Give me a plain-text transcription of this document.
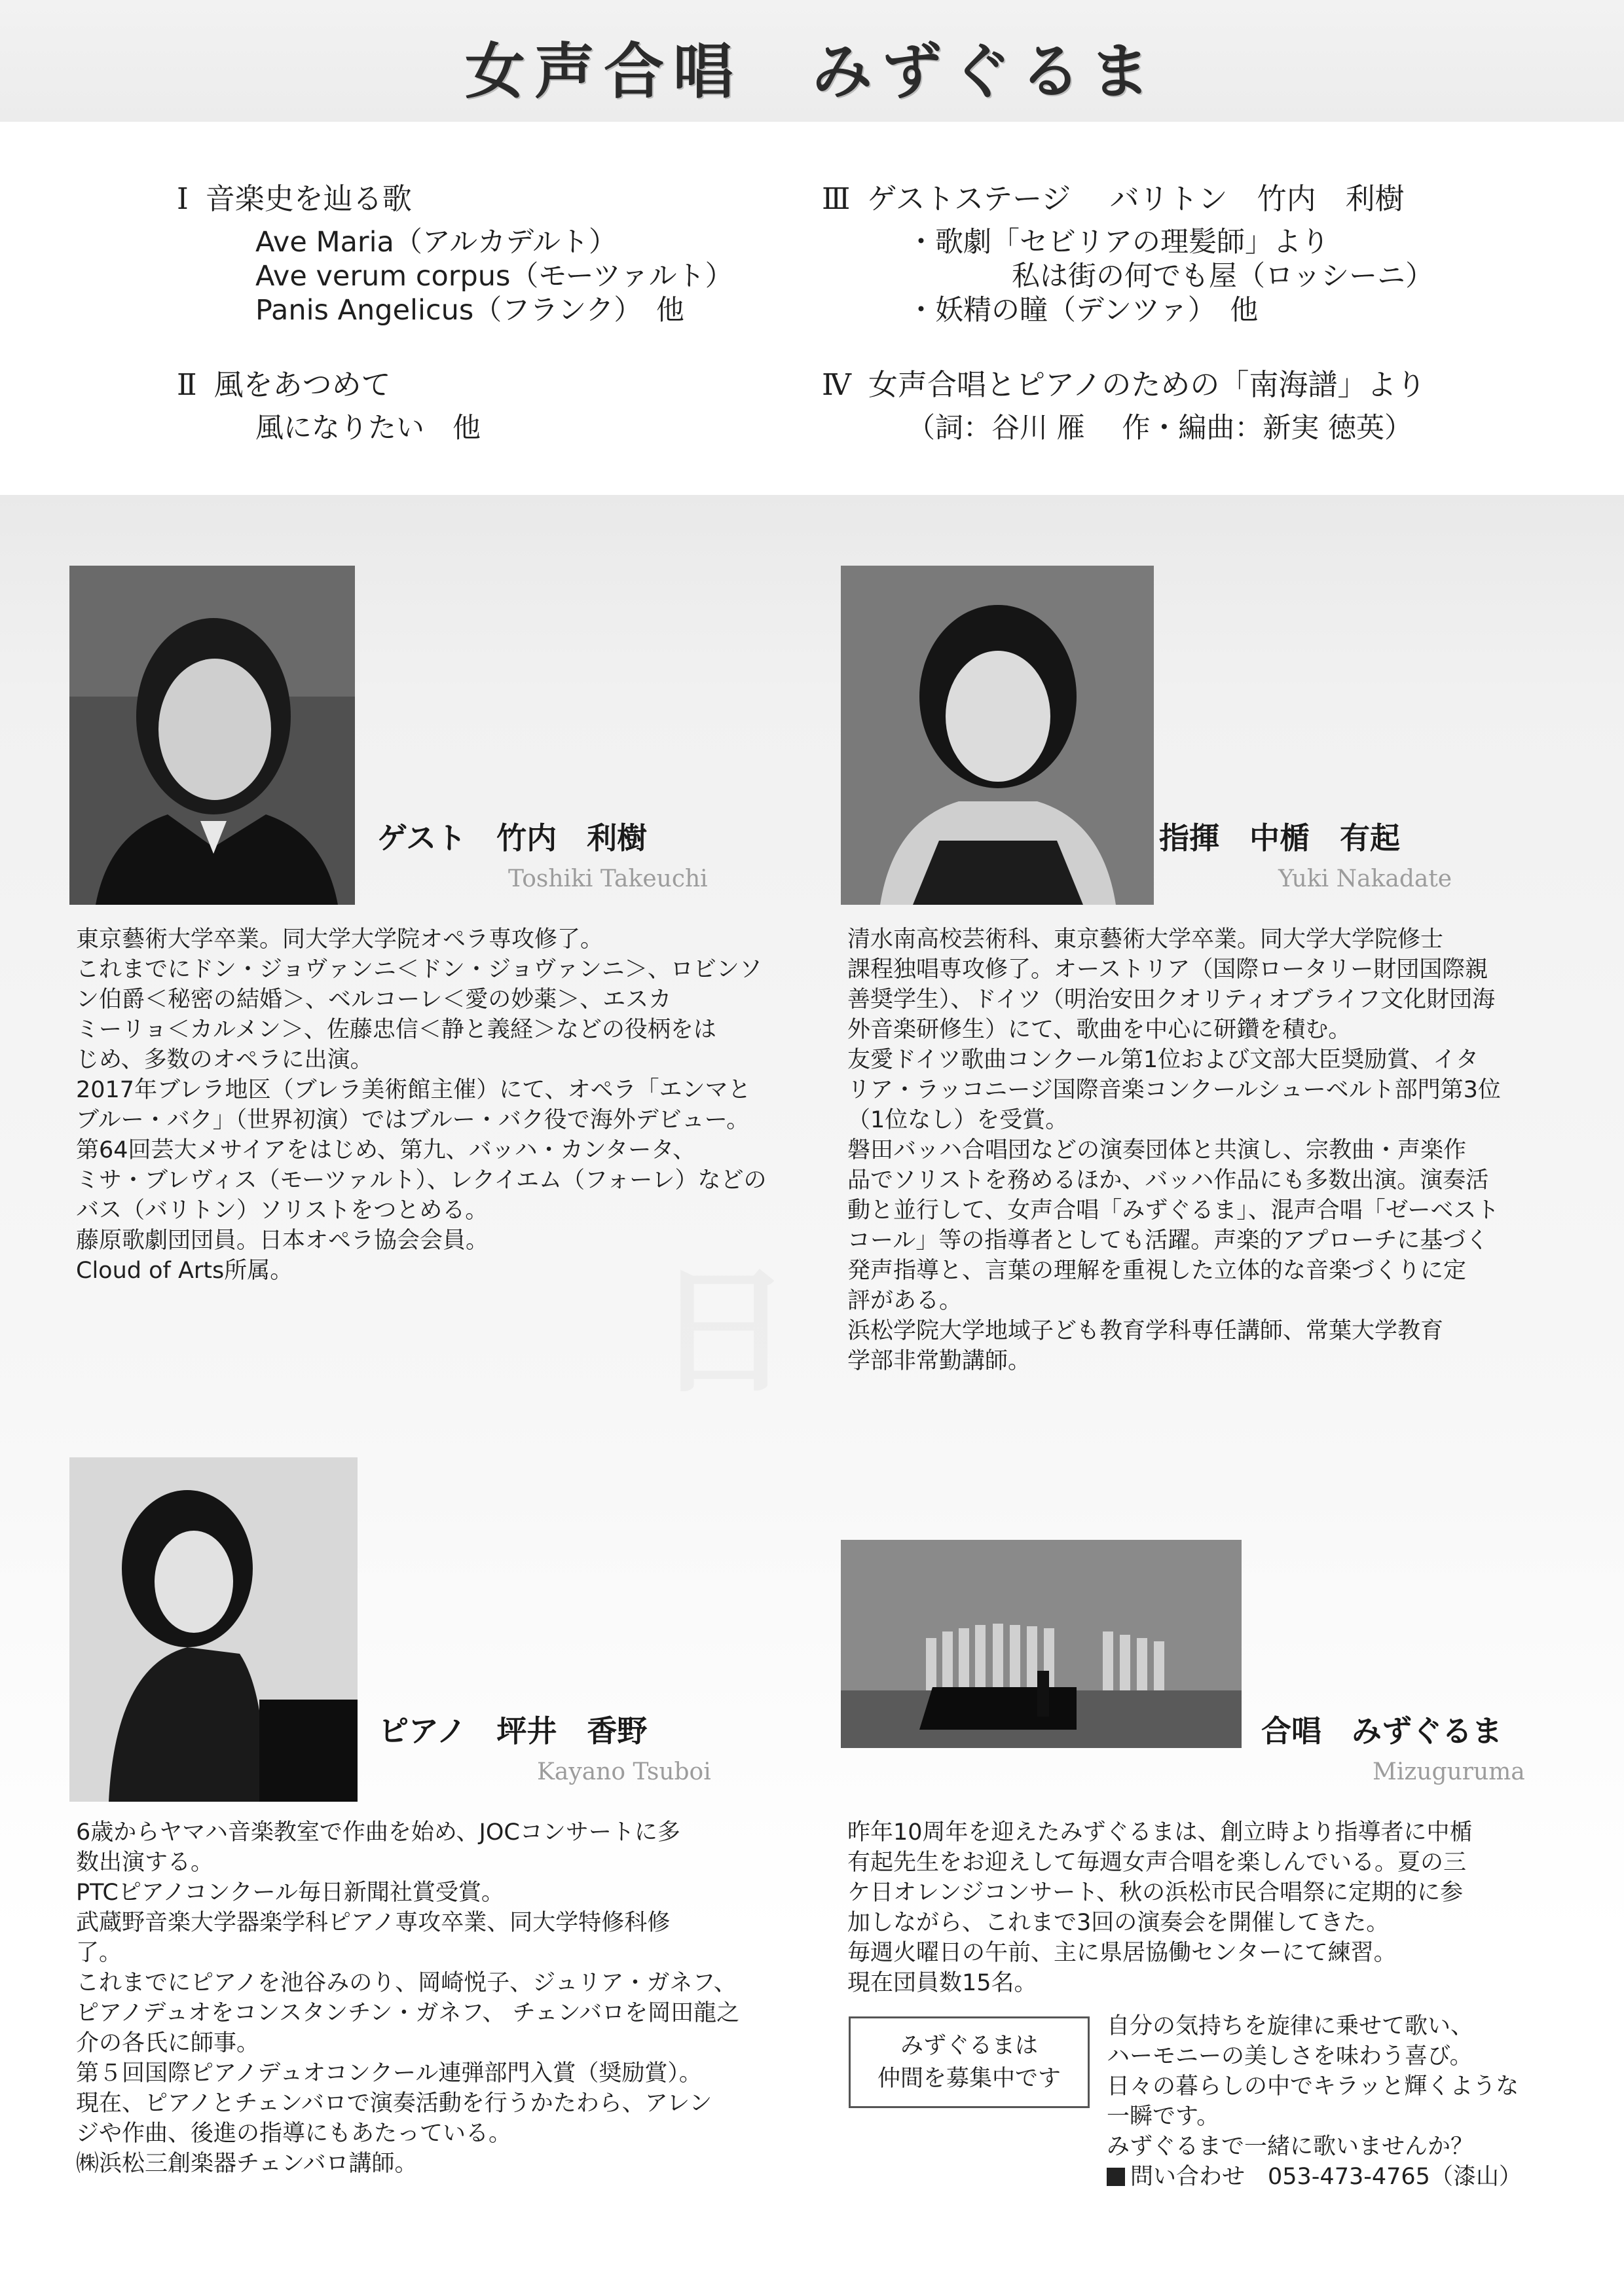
女声合唱　みずぐるま
Ⅰ 音楽史を辿る歌
Ave Maria（アルカデルト）
Ave verum corpus（モーツァルト）
Panis Angelicus（フランク）　他
Ⅱ 風をあつめて
風になりたい　他
Ⅲ ゲストステージ　 バリトン　竹内　利樹
・歌劇「セビリアの理髪師」より
私は街の何でも屋（ロッシーニ）
・妖精の瞳（デンツァ）　他
Ⅳ 女声合唱とピアノのための「南海譜」より
（詞：谷川 雁　 作・編曲：新実 徳英）
ゲスト　竹内　利樹
Toshiki Takeuchi
東京藝術大学卒業。同大学大学院オペラ専攻修了。
これまでにドン・ジョヴァンニ＜ドン・ジョヴァンニ＞、ロビンソ
ン伯爵＜秘密の結婚＞、ベルコーレ＜愛の妙薬＞、エスカ
ミーリョ＜カルメン＞、佐藤忠信＜静と義経＞などの役柄をは
じめ、多数のオペラに出演。
2017年ブレラ地区（ブレラ美術館主催）にて、オペラ「エンマと
ブルー・バク」（世界初演）ではブルー・バク役で海外デビュー。
第64回芸大メサイアをはじめ、第九、バッハ・カンタータ、
ミサ・ブレヴィス（モーツァルト）、レクイエム（フォーレ）などの
バス（バリトン）ソリストをつとめる。
藤原歌劇団団員。日本オペラ協会会員。
Cloud of Arts所属。
指揮　中楯　有起
Yuki Nakadate
清水南高校芸術科、東京藝術大学卒業。同大学大学院修士
課程独唱専攻修了。オーストリア（国際ロータリー財団国際親
善奨学生）、ドイツ（明治安田クオリティオブライフ文化財団海
外音楽研修生）にて、歌曲を中心に研鑽を積む。
友愛ドイツ歌曲コンクール第1位および文部大臣奨励賞、イタ
リア・ラッコニージ国際音楽コンクールシューベルト部門第3位
（1位なし）を受賞。
磐田バッハ合唱団などの演奏団体と共演し、宗教曲・声楽作
品でソリストを務めるほか、バッハ作品にも多数出演。演奏活
動と並行して、女声合唱「みずぐるま」、混声合唱「ゼーベスト
コール」等の指導者としても活躍。声楽的アプローチに基づく
発声指導と、言葉の理解を重視した立体的な音楽づくりに定
評がある。
浜松学院大学地域子ども教育学科専任講師、常葉大学教育
学部非常勤講師。
ピアノ　坪井　香野
Kayano Tsuboi
6歳からヤマハ音楽教室で作曲を始め、JOCコンサートに多
数出演する。
PTCピアノコンクール毎日新聞社賞受賞。
武蔵野音楽大学器楽学科ピアノ専攻卒業、同大学特修科修
了。
これまでにピアノを池谷みのり、岡崎悦子、ジュリア・ガネフ、
ピアノデュオをコンスタンチン・ガネフ、 チェンバロを岡田龍之
介の各氏に師事。
第５回国際ピアノデュオコンクール連弾部門入賞（奨励賞）。
現在、ピアノとチェンバロで演奏活動を行うかたわら、アレン
ジや作曲、後進の指導にもあたっている。
㈱浜松三創楽器チェンバロ講師。
合唱　みずぐるま
Mizuguruma
昨年10周年を迎えたみずぐるまは、創立時より指導者に中楯
有起先生をお迎えして毎週女声合唱を楽しんでいる。夏の三
ケ日オレンジコンサート、秋の浜松市民合唱祭に定期的に参
加しながら、これまで3回の演奏会を開催してきた。
毎週火曜日の午前、主に県居協働センターにて練習。
現在団員数15名。
みずぐるまは
仲間を募集中です
自分の気持ちを旋律に乗せて歌い、
ハーモニーの美しさを味わう喜び。
日々の暮らしの中でキラッと輝くような
一瞬です。
みずぐるまで一緒に歌いませんか？
問い合わせ　053-473-4765（漆山）
